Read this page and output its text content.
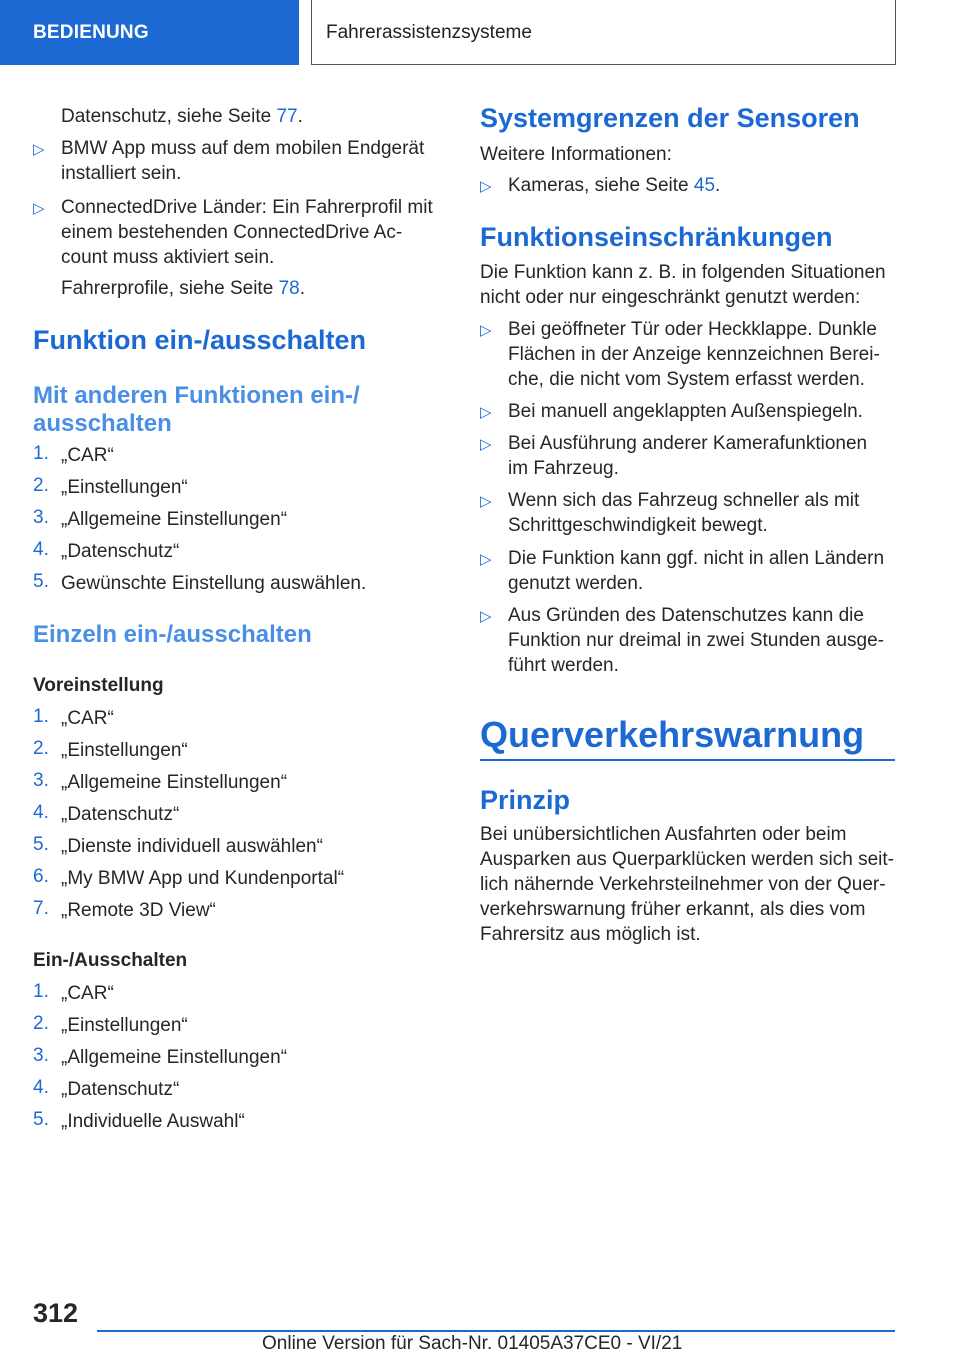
BEDIENUNG	Fahrerassistenzsysteme

Datenschutz, siehe Seite 77.

▷ BMW App muss auf dem mobilen Endgerät
installiert sein.

▷ ConnectedDrive Länder: Ein Fahrerprofil mit
einem bestehenden ConnectedDrive Ac-
count muss aktiviert sein.

Fahrerprofile, siehe Seite 78.

Funktion ein-/ausschalten
Mit anderen Funktionen ein-/
ausschalten
1. „CAR“
2. „Einstellungen“
3. „Allgemeine Einstellungen“
4. „Datenschutz“
5. Gewünschte Einstellung auswählen.
Einzeln ein-/ausschalten
Voreinstellung
1. „CAR“
2. „Einstellungen“
3. „Allgemeine Einstellungen“
4. „Datenschutz“
5. „Dienste individuell auswählen“
6. „My BMW App und Kundenportal“
7. „Remote 3D View“
Ein-/Ausschalten
1. „CAR“
2. „Einstellungen“
3. „Allgemeine Einstellungen“
4. „Datenschutz“
5. „Individuelle Auswahl“
Systemgrenzen der Sensoren

Weitere Informationen:

▷ Kameras, siehe Seite 45.

Funktionseinschränkungen

Die Funktion kann z. B. in folgenden Situationen
nicht oder nur eingeschränkt genutzt werden:

▷ Bei geöffneter Tür oder Heckklappe. Dunkle
Flächen in der Anzeige kennzeichnen Berei-
che, die nicht vom System erfasst werden.

▷ Bei manuell angeklappten Außenspiegeln.

▷ Bei Ausführung anderer Kamerafunktionen
im Fahrzeug.

▷ Wenn sich das Fahrzeug schneller als mit
Schrittgeschwindigkeit bewegt.

▷ Die Funktion kann ggf. nicht in allen Ländern
genutzt werden.

▷ Aus Gründen des Datenschutzes kann die
Funktion nur dreimal in zwei Stunden ausge-
führt werden.

Querverkehrswarnung
Prinzip

Bei unübersichtlichen Ausfahrten oder beim
Ausparken aus Querparklücken werden sich seit-
lich nähernde Verkehrsteilnehmer von der Quer-
verkehrswarnung früher erkannt, als dies vom
Fahrersitz aus möglich ist.

312
Online Version für Sach-Nr. 01405A37CE0 - VI/21
